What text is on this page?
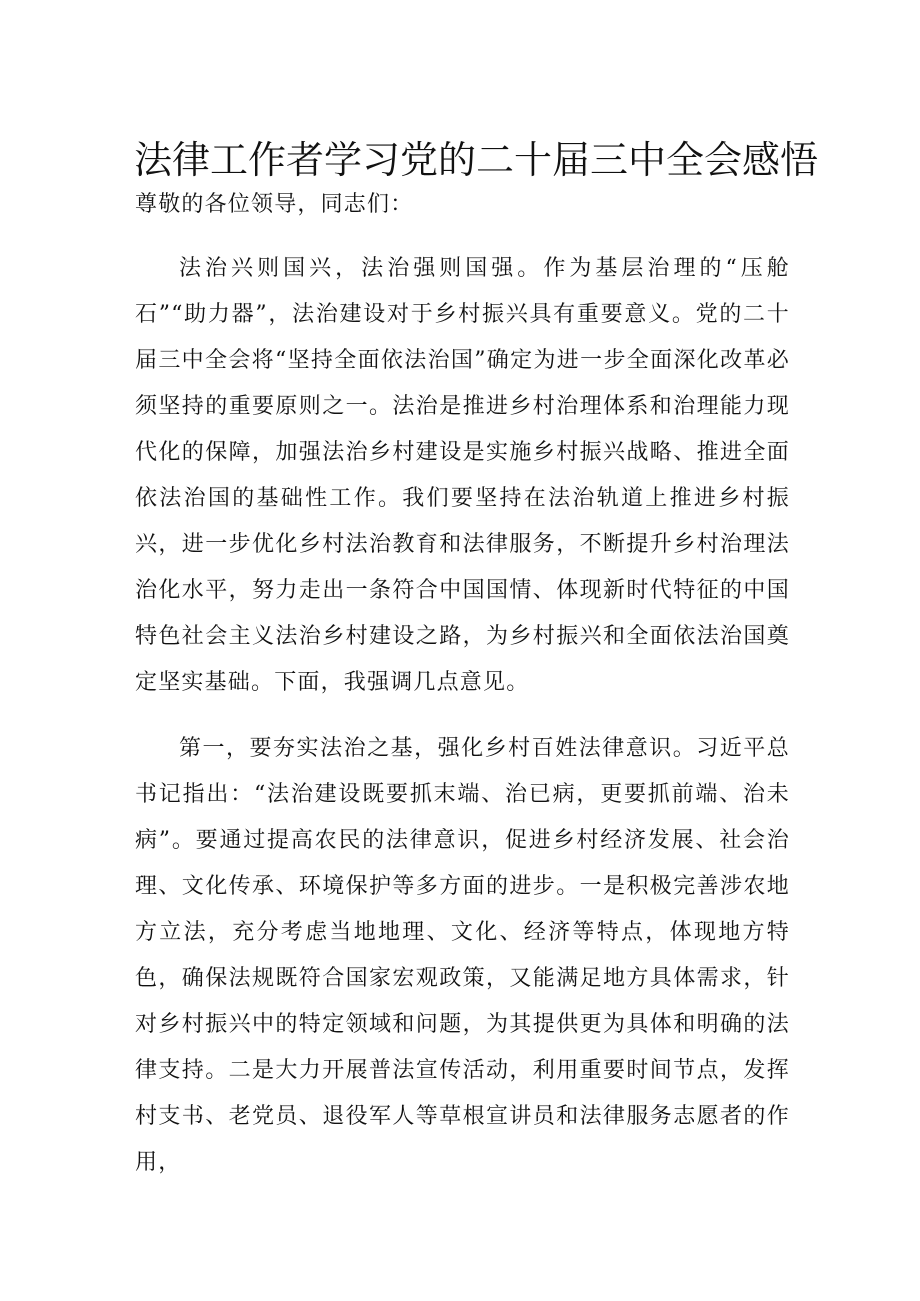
法律工作者学习党的二十届三中全会感悟

尊敬的各位领导，同志们：

法治兴则国兴，法治强则国强。作为基层治理的“压舱石”“助力器”，法治建设对于乡村振兴具有重要意义。党的二十届三中全会将“坚持全面依法治国”确定为进一步全面深化改革必须坚持的重要原则之一。法治是推进乡村治理体系和治理能力现代化的保障，加强法治乡村建设是实施乡村振兴战略、推进全面依法治国的基础性工作。我们要坚持在法治轨道上推进乡村振兴，进一步优化乡村法治教育和法律服务，不断提升乡村治理法治化水平，努力走出一条符合中国国情、体现新时代特征的中国特色社会主义法治乡村建设之路，为乡村振兴和全面依法治国奠定坚实基础。下面，我强调几点意见。

第一，要夯实法治之基，强化乡村百姓法律意识。习近平总书记指出：“法治建设既要抓末端、治已病，更要抓前端、治未病”。要通过提高农民的法律意识，促进乡村经济发展、社会治理、文化传承、环境保护等多方面的进步。一是积极完善涉农地方立法，充分考虑当地地理、文化、经济等特点，体现地方特色，确保法规既符合国家宏观政策，又能满足地方具体需求，针对乡村振兴中的特定领域和问题，为其提供更为具体和明确的法律支持。二是大力开展普法宣传活动，利用重要时间节点，发挥村支书、老党员、退役军人等草根宣讲员和法律服务志愿者的作用，
